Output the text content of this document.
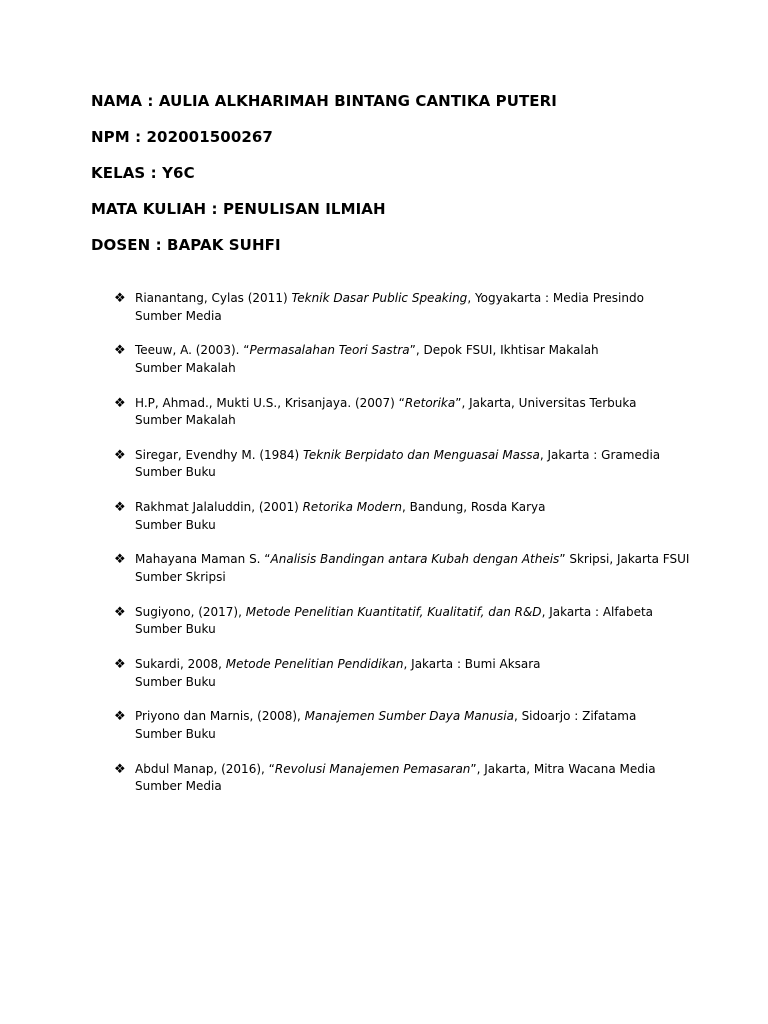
NAMA : AULIA ALKHARIMAH BINTANG CANTIKA PUTERI
NPM : 202001500267
KELAS : Y6C
MATA KULIAH : PENULISAN ILMIAH
DOSEN : BAPAK SUHFI
❖ Rianantang, Cylas (2011) Teknik Dasar Public Speaking, Yogyakarta : Media Presindo
Sumber Media
❖ Teeuw, A. (2003). “Permasalahan Teori Sastra”, Depok FSUI, Ikhtisar Makalah
Sumber Makalah
❖ H.P, Ahmad., Mukti U.S., Krisanjaya. (2007) “Retorika”, Jakarta, Universitas Terbuka
Sumber Makalah
❖ Siregar, Evendhy M. (1984) Teknik Berpidato dan Menguasai Massa, Jakarta : Gramedia
Sumber Buku
❖ Rakhmat Jalaluddin, (2001) Retorika Modern, Bandung, Rosda Karya
Sumber Buku
❖ Mahayana Maman S. “Analisis Bandingan antara Kubah dengan Atheis” Skripsi, Jakarta FSUI
Sumber Skripsi
❖ Sugiyono, (2017), Metode Penelitian Kuantitatif, Kualitatif, dan R&D, Jakarta : Alfabeta
Sumber Buku
❖ Sukardi, 2008, Metode Penelitian Pendidikan, Jakarta : Bumi Aksara
Sumber Buku
❖ Priyono dan Marnis, (2008), Manajemen Sumber Daya Manusia, Sidoarjo : Zifatama
Sumber Buku
❖ Abdul Manap, (2016), “Revolusi Manajemen Pemasaran”, Jakarta, Mitra Wacana Media
Sumber Media
